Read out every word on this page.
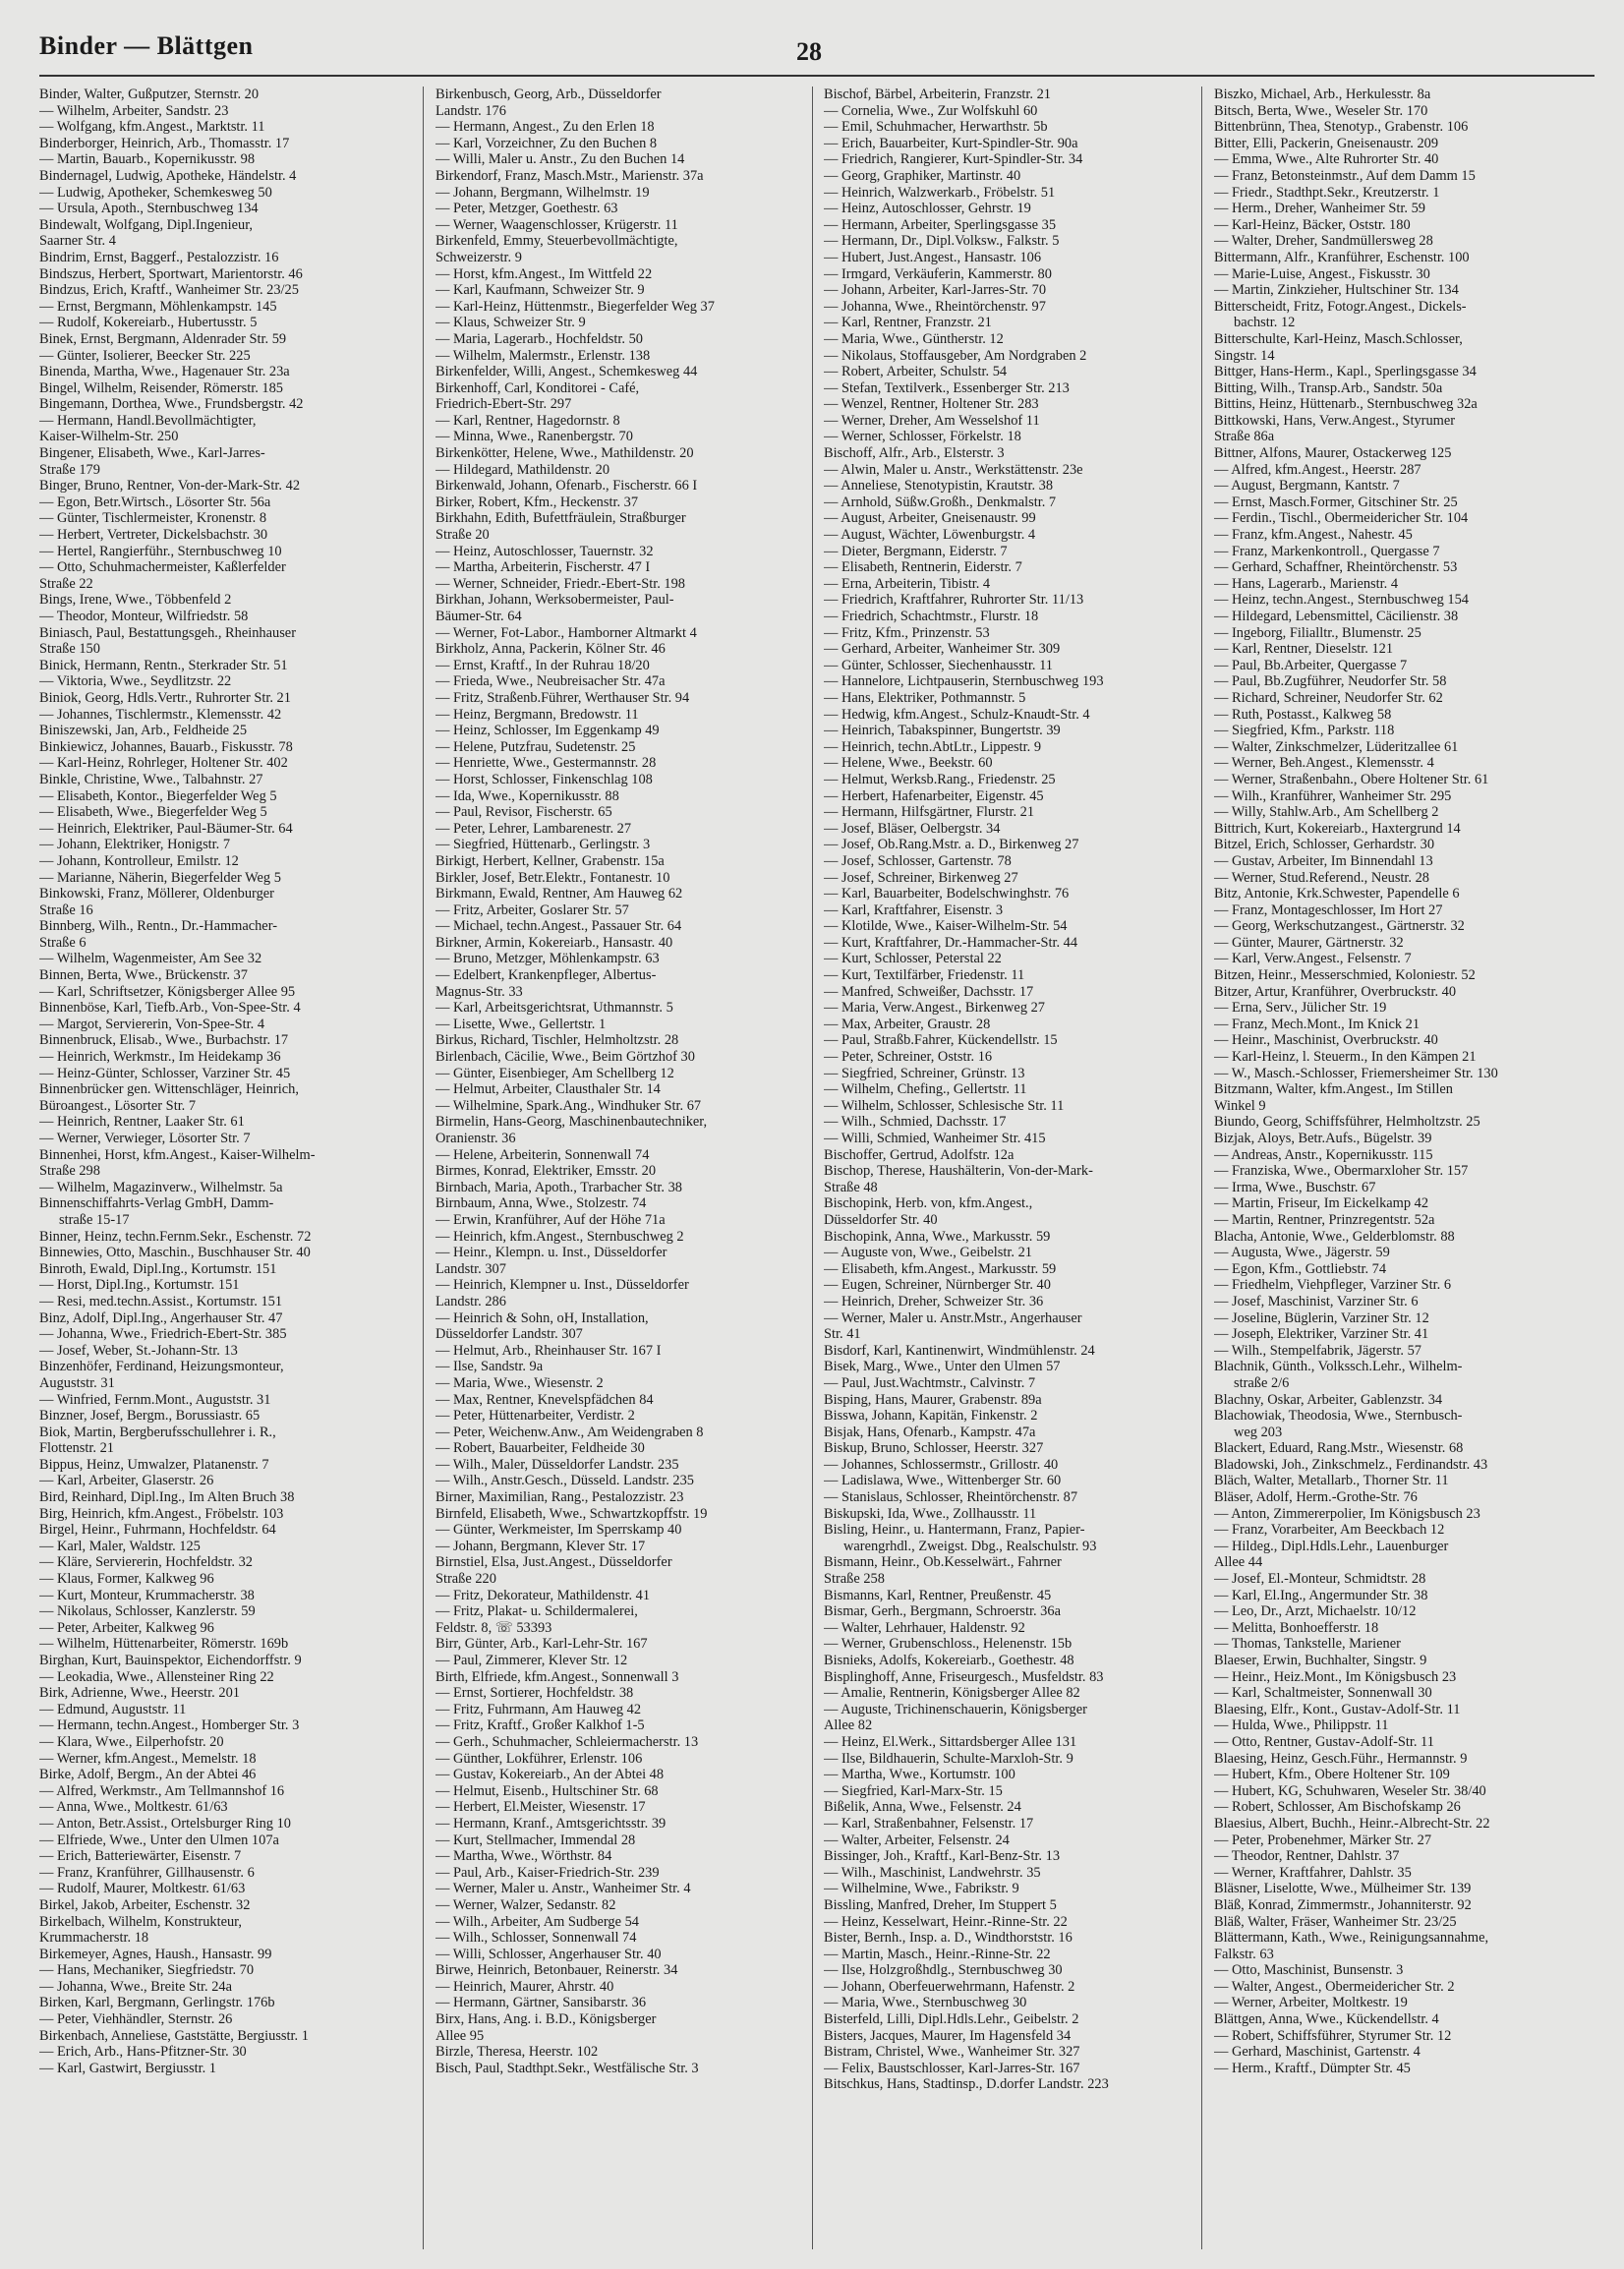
Binder — Blättgen	28
Binder, Walter, Gußputzer, Sternstr. 20
— Wilhelm, Arbeiter, Sandstr. 23
— Wolfgang, kfm.Angest., Marktstr. 11
Binderborger, Heinrich, Arb., Thomasstr. 17
— Martin, Bauarb., Kopernikusstr. 98
Bindernagel, Ludwig, Apotheke, Händelstr. 4
— Ludwig, Apotheker, Schemkesweg 50
— Ursula, Apoth., Sternbuschweg 134
Bindewalt, Wolfgang, Dipl.Ingenieur,
Saarner Str. 4
Bindrim, Ernst, Baggerf., Pestalozzistr. 16
Bindszus, Herbert, Sportwart, Marientorstr. 46
Bindzus, Erich, Kraftf., Wanheimer Str. 23/25
— Ernst, Bergmann, Möhlenkampstr. 145
— Rudolf, Kokereiarb., Hubertusstr. 5
Binek, Ernst, Bergmann, Aldenrader Str. 59
— Günter, Isolierer, Beecker Str. 225
Binenda, Martha, Wwe., Hagenauer Str. 23a
Bingel, Wilhelm, Reisender, Römerstr. 185
Bingemann, Dorthea, Wwe., Frundsbergstr. 42
— Hermann, Handl.Bevollmächtigter,
Kaiser-Wilhelm-Str. 250
Bingener, Elisabeth, Wwe., Karl-Jarres-
Straße 179
Binger, Bruno, Rentner, Von-der-Mark-Str. 42
— Egon, Betr.Wirtsch., Lösorter Str. 56a
— Günter, Tischlermeister, Kronenstr. 8
— Herbert, Vertreter, Dickelsbachstr. 30
— Hertel, Rangierführ., Sternbuschweg 10
— Otto, Schuhmachermeister, Kaßlerfelder
Straße 22
Bings, Irene, Wwe., Többenfeld 2
— Theodor, Monteur, Wilfriedstr. 58
Biniasch, Paul, Bestattungsgeh., Rheinhauser
Straße 150
Binick, Hermann, Rentn., Sterkrader Str. 51
— Viktoria, Wwe., Seydlitzstr. 22
Biniok, Georg, Hdls.Vertr., Ruhrorter Str. 21
— Johannes, Tischlermstr., Klemensstr. 42
Biniszewski, Jan, Arb., Feldheide 25
Binkiewicz, Johannes, Bauarb., Fiskusstr. 78
— Karl-Heinz, Rohrleger, Holtener Str. 402
Binkle, Christine, Wwe., Talbahnstr. 27
— Elisabeth, Kontor., Biegerfelder Weg 5
— Elisabeth, Wwe., Biegerfelder Weg 5
— Heinrich, Elektriker, Paul-Bäumer-Str. 64
— Johann, Elektriker, Honigstr. 7
— Johann, Kontrolleur, Emilstr. 12
— Marianne, Näherin, Biegerfelder Weg 5
Binkowski, Franz, Möllerer, Oldenburger
Straße 16
Binnberg, Wilh., Rentn., Dr.-Hammacher-
Straße 6
— Wilhelm, Wagenmeister, Am See 32
Binnen, Berta, Wwe., Brückenstr. 37
— Karl, Schriftsetzer, Königsberger Allee 95
Binnenböse, Karl, Tiefb.Arb., Von-Spee-Str. 4
— Margot, Serviererin, Von-Spee-Str. 4
Binnenbruck, Elisab., Wwe., Burbachstr. 17
— Heinrich, Werkmstr., Im Heidekamp 36
— Heinz-Günter, Schlosser, Varziner Str. 45
Binnenbrücker gen. Wittenschläger, Heinrich,
Büroangest., Lösorter Str. 7
— Heinrich, Rentner, Laaker Str. 61
— Werner, Verwieger, Lösorter Str. 7
Binnenhei, Horst, kfm.Angest., Kaiser-Wilhelm-
Straße 298
— Wilhelm, Magazinverw., Wilhelmstr. 5a
Binnenschiffahrts-Verlag GmbH, Damm-
straße 15-17
Binner, Heinz, techn.Fernm.Sekr., Eschenstr. 72
Binnewies, Otto, Maschin., Buschhauser Str. 40
Binroth, Ewald, Dipl.Ing., Kortumstr. 151
— Horst, Dipl.Ing., Kortumstr. 151
— Resi, med.techn.Assist., Kortumstr. 151
Binz, Adolf, Dipl.Ing., Angerhauser Str. 47
— Johanna, Wwe., Friedrich-Ebert-Str. 385
— Josef, Weber, St.-Johann-Str. 13
Binzenhöfer, Ferdinand, Heizungsmonteur,
Auguststr. 31
— Winfried, Fernm.Mont., Auguststr. 31
Binzner, Josef, Bergm., Borussiastr. 65
Biok, Martin, Bergberufsschullehrer i. R.,
Flottenstr. 21
Bippus, Heinz, Umwalzer, Platanenstr. 7
— Karl, Arbeiter, Glaserstr. 26
Bird, Reinhard, Dipl.Ing., Im Alten Bruch 38
Birg, Heinrich, kfm.Angest., Fröbelstr. 103
Birgel, Heinr., Fuhrmann, Hochfeldstr. 64
— Karl, Maler, Waldstr. 125
— Kläre, Serviererin, Hochfeldstr. 32
— Klaus, Former, Kalkweg 96
— Kurt, Monteur, Krummacherstr. 38
— Nikolaus, Schlosser, Kanzlerstr. 59
— Peter, Arbeiter, Kalkweg 96
— Wilhelm, Hüttenarbeiter, Römerstr. 169b
Birghan, Kurt, Bauinspektor, Eichendorffstr. 9
— Leokadia, Wwe., Allensteiner Ring 22
Birk, Adrienne, Wwe., Heerstr. 201
— Edmund, Auguststr. 11
— Hermann, techn.Angest., Homberger Str. 3
— Klara, Wwe., Eilperhofstr. 20
— Werner, kfm.Angest., Memelstr. 18
Birke, Adolf, Bergm., An der Abtei 46
— Alfred, Werkmstr., Am Tellmannshof 16
— Anna, Wwe., Moltkestr. 61/63
— Anton, Betr.Assist., Ortelsburger Ring 10
— Elfriede, Wwe., Unter den Ulmen 107a
— Erich, Batteriewärter, Eisenstr. 7
— Franz, Kranführer, Gillhausenstr. 6
— Rudolf, Maurer, Moltkestr. 61/63
Birkel, Jakob, Arbeiter, Eschenstr. 32
Birkelbach, Wilhelm, Konstrukteur,
Krummacherstr. 18
Birkemeyer, Agnes, Haush., Hansastr. 99
— Hans, Mechaniker, Siegfriedstr. 70
— Johanna, Wwe., Breite Str. 24a
Birken, Karl, Bergmann, Gerlingstr. 176b
— Peter, Viehhändler, Sternstr. 26
Birkenbach, Anneliese, Gaststätte, Bergiusstr. 1
— Erich, Arb., Hans-Pfitzner-Str. 30
— Karl, Gastwirt, Bergiusstr. 1
Birkenbusch, Georg, Arb., Düsseldorfer
Landstr. 176
— Hermann, Angest., Zu den Erlen 18
— Karl, Vorzeichner, Zu den Buchen 8
— Willi, Maler u. Anstr., Zu den Buchen 14
Birkendorf, Franz, Masch.Mstr., Marienstr. 37a
— Johann, Bergmann, Wilhelmstr. 19
— Peter, Metzger, Goethestr. 63
— Werner, Waagenschlosser, Krügerstr. 11
Birkenfeld, Emmy, Steuerbevollmächtigte,
Schweizerstr. 9
— Horst, kfm.Angest., Im Wittfeld 22
— Karl, Kaufmann, Schweizer Str. 9
— Karl-Heinz, Hüttenmstr., Biegerfelder Weg 37
— Klaus, Schweizer Str. 9
— Maria, Lagerarb., Hochfeldstr. 50
— Wilhelm, Malermstr., Erlenstr. 138
Birkenfelder, Willi, Angest., Schemkesweg 44
Birkenhoff, Carl, Konditorei - Café,
Friedrich-Ebert-Str. 297
— Karl, Rentner, Hagedornstr. 8
— Minna, Wwe., Ranenbergstr. 70
Birkenkötter, Helene, Wwe., Mathildenstr. 20
— Hildegard, Mathildenstr. 20
Birkenwald, Johann, Ofenarb., Fischerstr. 66 I
Birker, Robert, Kfm., Heckenstr. 37
Birkhahn, Edith, Bufettfräulein, Straßburger
Straße 20
— Heinz, Autoschlosser, Tauernstr. 32
— Martha, Arbeiterin, Fischerstr. 47 I
— Werner, Schneider, Friedr.-Ebert-Str. 198
Birkhan, Johann, Werksobermeister, Paul-
Bäumer-Str. 64
— Werner, Fot-Labor., Hamborner Altmarkt 4
Birkholz, Anna, Packerin, Kölner Str. 46
— Ernst, Kraftf., In der Ruhrau 18/20
— Frieda, Wwe., Neubreisacher Str. 47a
— Fritz, Straßenb.Führer, Werthauser Str. 94
— Heinz, Bergmann, Bredowstr. 11
— Heinz, Schlosser, Im Eggenkamp 49
— Helene, Putzfrau, Sudetenstr. 25
— Henriette, Wwe., Gestermannstr. 28
— Horst, Schlosser, Finkenschlag 108
— Ida, Wwe., Kopernikusstr. 88
— Paul, Revisor, Fischerstr. 65
— Peter, Lehrer, Lambarenestr. 27
— Siegfried, Hüttenarb., Gerlingstr. 3
Birkigt, Herbert, Kellner, Grabenstr. 15a
Birkler, Josef, Betr.Elektr., Fontanestr. 10
Birkmann, Ewald, Rentner, Am Hauweg 62
— Fritz, Arbeiter, Goslarer Str. 57
— Michael, techn.Angest., Passauer Str. 64
Birkner, Armin, Kokereiarb., Hansastr. 40
— Bruno, Metzger, Möhlenkampstr. 63
— Edelbert, Krankenpfleger, Albertus-
Magnus-Str. 33
— Karl, Arbeitsgerichtsrat, Uthmannstr. 5
— Lisette, Wwe., Gellertstr. 1
Birkus, Richard, Tischler, Helmholtzstr. 28
Birlenbach, Cäcilie, Wwe., Beim Görtzhof 30
— Günter, Eisenbieger, Am Schellberg 12
— Helmut, Arbeiter, Clausthaler Str. 14
— Wilhelmine, Spark.Ang., Windhuker Str. 67
Birmelin, Hans-Georg, Maschinenbautechniker,
Oranienstr. 36
— Helene, Arbeiterin, Sonnenwall 74
Birmes, Konrad, Elektriker, Emsstr. 20
Birnbach, Maria, Apoth., Trarbacher Str. 38
Birnbaum, Anna, Wwe., Stolzestr. 74
— Erwin, Kranführer, Auf der Höhe 71a
— Heinrich, kfm.Angest., Sternbuschweg 2
— Heinr., Klempn. u. Inst., Düsseldorfer
Landstr. 307
— Heinrich, Klempner u. Inst., Düsseldorfer
Landstr. 286
— Heinrich & Sohn, oH, Installation,
Düsseldorfer Landstr. 307
— Helmut, Arb., Rheinhauser Str. 167 I
— Ilse, Sandstr. 9a
— Maria, Wwe., Wiesenstr. 2
— Max, Rentner, Knevelspfädchen 84
— Peter, Hüttenarbeiter, Verdistr. 2
— Peter, Weichenw.Anw., Am Weidengraben 8
— Robert, Bauarbeiter, Feldheide 30
— Wilh., Maler, Düsseldorfer Landstr. 235
— Wilh., Anstr.Gesch., Düsseld. Landstr. 235
Birner, Maximilian, Rang., Pestalozzistr. 23
Birnfeld, Elisabeth, Wwe., Schwartzkopffstr. 19
— Günter, Werkmeister, Im Sperrskamp 40
— Johann, Bergmann, Klever Str. 17
Birnstiel, Elsa, Just.Angest., Düsseldorfer
Straße 220
— Fritz, Dekorateur, Mathildenstr. 41
— Fritz, Plakat- u. Schildermalerei,
Feldstr. 8, ☏ 53393
Birr, Günter, Arb., Karl-Lehr-Str. 167
— Paul, Zimmerer, Klever Str. 12
Birth, Elfriede, kfm.Angest., Sonnenwall 3
— Ernst, Sortierer, Hochfeldstr. 38
— Fritz, Fuhrmann, Am Hauweg 42
— Fritz, Kraftf., Großer Kalkhof 1-5
— Gerh., Schuhmacher, Schleiermacherstr. 13
— Günther, Lokführer, Erlenstr. 106
— Gustav, Kokereiarb., An der Abtei 48
— Helmut, Eisenb., Hultschiner Str. 68
— Herbert, El.Meister, Wiesenstr. 17
— Hermann, Kranf., Amtsgerichtsstr. 39
— Kurt, Stellmacher, Immendal 28
— Martha, Wwe., Wörthstr. 84
— Paul, Arb., Kaiser-Friedrich-Str. 239
— Werner, Maler u. Anstr., Wanheimer Str. 4
— Werner, Walzer, Sedanstr. 82
— Wilh., Arbeiter, Am Sudberge 54
— Wilh., Schlosser, Sonnenwall 74
— Willi, Schlosser, Angerhauser Str. 40
Birwe, Heinrich, Betonbauer, Reinerstr. 34
— Heinrich, Maurer, Ahrstr. 40
— Hermann, Gärtner, Sansibarstr. 36
Birx, Hans, Ang. i. B.D., Königsberger
Allee 95
Birzle, Theresa, Heerstr. 102
Bisch, Paul, Stadthpt.Sekr., Westfälische Str. 3
Bischof, Bärbel, Arbeiterin, Franzstr. 21
— Cornelia, Wwe., Zur Wolfskuhl 60
— Emil, Schuhmacher, Herwarthstr. 5b
— Erich, Bauarbeiter, Kurt-Spindler-Str. 90a
— Friedrich, Rangierer, Kurt-Spindler-Str. 34
— Georg, Graphiker, Martinstr. 40
— Heinrich, Walzwerkarb., Fröbelstr. 51
— Heinz, Autoschlosser, Gehrstr. 19
— Hermann, Arbeiter, Sperlingsgasse 35
— Hermann, Dr., Dipl.Volksw., Falkstr. 5
— Hubert, Just.Angest., Hansastr. 106
— Irmgard, Verkäuferin, Kammerstr. 80
— Johann, Arbeiter, Karl-Jarres-Str. 70
— Johanna, Wwe., Rheintörchenstr. 97
— Karl, Rentner, Franzstr. 21
— Maria, Wwe., Güntherstr. 12
— Nikolaus, Stoffausgeber, Am Nordgraben 2
— Robert, Arbeiter, Schulstr. 54
— Stefan, Textilverk., Essenberger Str. 213
— Wenzel, Rentner, Holtener Str. 283
— Werner, Dreher, Am Wesselshof 11
— Werner, Schlosser, Förkelstr. 18
Bischoff, Alfr., Arb., Elsterstr. 3
— Alwin, Maler u. Anstr., Werkstättenstr. 23e
— Anneliese, Stenotypistin, Krautstr. 38
— Arnhold, Süßw.Großh., Denkmalstr. 7
— August, Arbeiter, Gneisenaustr. 99
— August, Wächter, Löwenburgstr. 4
— Dieter, Bergmann, Eiderstr. 7
— Elisabeth, Rentnerin, Eiderstr. 7
— Erna, Arbeiterin, Tibistr. 4
— Friedrich, Kraftfahrer, Ruhrorter Str. 11/13
— Friedrich, Schachtmstr., Flurstr. 18
— Fritz, Kfm., Prinzenstr. 53
— Gerhard, Arbeiter, Wanheimer Str. 309
— Günter, Schlosser, Siechenhausstr. 11
— Hannelore, Lichtpauserin, Sternbuschweg 193
— Hans, Elektriker, Pothmannstr. 5
— Hedwig, kfm.Angest., Schulz-Knaudt-Str. 4
— Heinrich, Tabakspinner, Bungertstr. 39
— Heinrich, techn.AbtLtr., Lippestr. 9
— Helene, Wwe., Beekstr. 60
— Helmut, Werksb.Rang., Friedenstr. 25
— Herbert, Hafenarbeiter, Eigenstr. 45
— Hermann, Hilfsgärtner, Flurstr. 21
— Josef, Bläser, Oelbergstr. 34
— Josef, Ob.Rang.Mstr. a. D., Birkenweg 27
— Josef, Schlosser, Gartenstr. 78
— Josef, Schreiner, Birkenweg 27
— Karl, Bauarbeiter, Bodelschwinghstr. 76
— Karl, Kraftfahrer, Eisenstr. 3
— Klotilde, Wwe., Kaiser-Wilhelm-Str. 54
— Kurt, Kraftfahrer, Dr.-Hammacher-Str. 44
— Kurt, Schlosser, Peterstal 22
— Kurt, Textilfärber, Friedenstr. 11
— Manfred, Schweißer, Dachsstr. 17
— Maria, Verw.Angest., Birkenweg 27
— Max, Arbeiter, Graustr. 28
— Paul, Straßb.Fahrer, Kückendellstr. 15
— Peter, Schreiner, Oststr. 16
— Siegfried, Schreiner, Grünstr. 13
— Wilhelm, Chefing., Gellertstr. 11
— Wilhelm, Schlosser, Schlesische Str. 11
— Wilh., Schmied, Dachsstr. 17
— Willi, Schmied, Wanheimer Str. 415
Bischoffer, Gertrud, Adolfstr. 12a
Bischop, Therese, Haushälterin, Von-der-Mark-
Straße 48
Bischopink, Herb. von, kfm.Angest.,
Düsseldorfer Str. 40
Bischopink, Anna, Wwe., Markusstr. 59
— Auguste von, Wwe., Geibelstr. 21
— Elisabeth, kfm.Angest., Markusstr. 59
— Eugen, Schreiner, Nürnberger Str. 40
— Heinrich, Dreher, Schweizer Str. 36
— Werner, Maler u. Anstr.Mstr., Angerhauser
Str. 41
Bisdorf, Karl, Kantinenwirt, Windmühlenstr. 24
Bisek, Marg., Wwe., Unter den Ulmen 57
— Paul, Just.Wachtmstr., Calvinstr. 7
Bisping, Hans, Maurer, Grabenstr. 89a
Bisswa, Johann, Kapitän, Finkenstr. 2
Bisjak, Hans, Ofenarb., Kampstr. 47a
Biskup, Bruno, Schlosser, Heerstr. 327
— Johannes, Schlossermstr., Grillostr. 40
— Ladislawa, Wwe., Wittenberger Str. 60
— Stanislaus, Schlosser, Rheintörchenstr. 87
Biskupski, Ida, Wwe., Zollhausstr. 11
Bisling, Heinr., u. Hantermann, Franz, Papier-
warengrhdl., Zweigst. Dbg., Realschulstr. 93
Bismann, Heinr., Ob.Kesselwärt., Fahrner
Straße 258
Bismanns, Karl, Rentner, Preußenstr. 45
Bismar, Gerh., Bergmann, Schroerstr. 36a
— Walter, Lehrhauer, Haldenstr. 92
— Werner, Grubenschloss., Helenenstr. 15b
Bisnieks, Adolfs, Kokereiarb., Goethestr. 48
Bisplinghoff, Anne, Friseurgesch., Musfeldstr. 83
— Amalie, Rentnerin, Königsberger Allee 82
— Auguste, Trichinenschauerin, Königsberger
Allee 82
— Heinz, El.Werk., Sittardsberger Allee 131
— Ilse, Bildhauerin, Schulte-Marxloh-Str. 9
— Martha, Wwe., Kortumstr. 100
— Siegfried, Karl-Marx-Str. 15
Bißelik, Anna, Wwe., Felsenstr. 24
— Karl, Straßenbahner, Felsenstr. 17
— Walter, Arbeiter, Felsenstr. 24
Bissinger, Joh., Kraftf., Karl-Benz-Str. 13
— Wilh., Maschinist, Landwehrstr. 35
— Wilhelmine, Wwe., Fabrikstr. 9
Bissling, Manfred, Dreher, Im Stuppert 5
— Heinz, Kesselwart, Heinr.-Rinne-Str. 22
Bister, Bernh., Insp. a. D., Windthorststr. 16
— Martin, Masch., Heinr.-Rinne-Str. 22
— Ilse, Holzgroßhdlg., Sternbuschweg 30
— Johann, Oberfeuerwehrmann, Hafenstr. 2
— Maria, Wwe., Sternbuschweg 30
Bisterfeld, Lilli, Dipl.Hdls.Lehr., Geibelstr. 2
Bisters, Jacques, Maurer, Im Hagensfeld 34
Bistram, Christel, Wwe., Wanheimer Str. 327
— Felix, Baustschlosser, Karl-Jarres-Str. 167
Bitschkus, Hans, Stadtinsp., D.dorfer Landstr. 223
Biszko, Michael, Arb., Herkulesstr. 8a
Bitsch, Berta, Wwe., Weseler Str. 170
Bittenbrünn, Thea, Stenotyp., Grabenstr. 106
Bitter, Elli, Packerin, Gneisenaustr. 209
— Emma, Wwe., Alte Ruhrorter Str. 40
— Franz, Betonsteinmstr., Auf dem Damm 15
— Friedr., Stadthpt.Sekr., Kreutzerstr. 1
— Herm., Dreher, Wanheimer Str. 59
— Karl-Heinz, Bäcker, Oststr. 180
— Walter, Dreher, Sandmüllersweg 28
Bittermann, Alfr., Kranführer, Eschenstr. 100
— Marie-Luise, Angest., Fiskusstr. 30
— Martin, Zinkzieher, Hultschiner Str. 134
Bitterscheidt, Fritz, Fotogr.Angest., Dickels-
bachstr. 12
Bitterschulte, Karl-Heinz, Masch.Schlosser,
Singstr. 14
Bittger, Hans-Herm., Kapl., Sperlingsgasse 34
Bitting, Wilh., Transp.Arb., Sandstr. 50a
Bittins, Heinz, Hüttenarb., Sternbuschweg 32a
Bittkowski, Hans, Verw.Angest., Styrumer
Straße 86a
Bittner, Alfons, Maurer, Ostackerweg 125
— Alfred, kfm.Angest., Heerstr. 287
— August, Bergmann, Kantstr. 7
— Ernst, Masch.Former, Gitschiner Str. 25
— Ferdin., Tischl., Obermeidericher Str. 104
— Franz, kfm.Angest., Nahestr. 45
— Franz, Markenkontroll., Quergasse 7
— Gerhard, Schaffner, Rheintörchenstr. 53
— Hans, Lagerarb., Marienstr. 4
— Heinz, techn.Angest., Sternbuschweg 154
— Hildegard, Lebensmittel, Cäcilienstr. 38
— Ingeborg, Filialltr., Blumenstr. 25
— Karl, Rentner, Dieselstr. 121
— Paul, Bb.Arbeiter, Quergasse 7
— Paul, Bb.Zugführer, Neudorfer Str. 58
— Richard, Schreiner, Neudorfer Str. 62
— Ruth, Postasst., Kalkweg 58
— Siegfried, Kfm., Parkstr. 118
— Walter, Zinkschmelzer, Lüderitzallee 61
— Werner, Beh.Angest., Klemensstr. 4
— Werner, Straßenbahn., Obere Holtener Str. 61
— Wilh., Kranführer, Wanheimer Str. 295
— Willy, Stahlw.Arb., Am Schellberg 2
Bittrich, Kurt, Kokereiarb., Haxtergrund 14
Bitzel, Erich, Schlosser, Gerhardstr. 30
— Gustav, Arbeiter, Im Binnendahl 13
— Werner, Stud.Referend., Neustr. 28
Bitz, Antonie, Krk.Schwester, Papendelle 6
— Franz, Montageschlosser, Im Hort 27
— Georg, Werkschutzangest., Gärtnerstr. 32
— Günter, Maurer, Gärtnerstr. 32
— Karl, Verw.Angest., Felsenstr. 7
Bitzen, Heinr., Messerschmied, Koloniestr. 52
Bitzer, Artur, Kranführer, Overbruckstr. 40
— Erna, Serv., Jülicher Str. 19
— Franz, Mech.Mont., Im Knick 21
— Heinr., Maschinist, Overbruckstr. 40
— Karl-Heinz, l. Steuerm., In den Kämpen 21
— W., Masch.-Schlosser, Friemersheimer Str. 130
Bitzmann, Walter, kfm.Angest., Im Stillen
Winkel 9
Biundo, Georg, Schiffsführer, Helmholtzstr. 25
Bizjak, Aloys, Betr.Aufs., Bügelstr. 39
— Andreas, Anstr., Kopernikusstr. 115
— Franziska, Wwe., Obermarxloher Str. 157
— Irma, Wwe., Buschstr. 67
— Martin, Friseur, Im Eickelkamp 42
— Martin, Rentner, Prinzregentstr. 52a
Blacha, Antonie, Wwe., Gelderblomstr. 88
— Augusta, Wwe., Jägerstr. 59
— Egon, Kfm., Gottliebstr. 74
— Friedhelm, Viehpfleger, Varziner Str. 6
— Josef, Maschinist, Varziner Str. 6
— Joseline, Büglerin, Varziner Str. 12
— Joseph, Elektriker, Varziner Str. 41
— Wilh., Stempelfabrik, Jägerstr. 57
Blachnik, Günth., Volkssch.Lehr., Wilhelm-
straße 2/6
Blachny, Oskar, Arbeiter, Gablenzstr. 34
Blachowiak, Theodosia, Wwe., Sternbusch-
weg 203
Blackert, Eduard, Rang.Mstr., Wiesenstr. 68
Bladowski, Joh., Zinkschmelz., Ferdinandstr. 43
Bläch, Walter, Metallarb., Thorner Str. 11
Bläser, Adolf, Herm.-Grothe-Str. 76
— Anton, Zimmererpolier, Im Königsbusch 23
— Franz, Vorarbeiter, Am Beeckbach 12
— Hildeg., Dipl.Hdls.Lehr., Lauenburger
Allee 44
— Josef, El.-Monteur, Schmidtstr. 28
— Karl, El.Ing., Angermunder Str. 38
— Leo, Dr., Arzt, Michaelstr. 10/12
— Melitta, Bonhoefferstr. 18
— Thomas, Tankstelle, Mariener
Blaeser, Erwin, Buchhalter, Singstr. 9
— Heinr., Heiz.Mont., Im Königsbusch 23
— Karl, Schaltmeister, Sonnenwall 30
Blaesing, Elfr., Kont., Gustav-Adolf-Str. 11
— Hulda, Wwe., Philippstr. 11
— Otto, Rentner, Gustav-Adolf-Str. 11
Blaesing, Heinz, Gesch.Führ., Hermannstr. 9
— Hubert, Kfm., Obere Holtener Str. 109
— Hubert, KG, Schuhwaren, Weseler Str. 38/40
— Robert, Schlosser, Am Bischofskamp 26
Blaesius, Albert, Buchh., Heinr.-Albrecht-Str. 22
— Peter, Probenehmer, Märker Str. 27
— Theodor, Rentner, Dahlstr. 37
— Werner, Kraftfahrer, Dahlstr. 35
Bläsner, Liselotte, Wwe., Mülheimer Str. 139
Bläß, Konrad, Zimmermstr., Johanniterstr. 92
Bläß, Walter, Fräser, Wanheimer Str. 23/25
Blättermann, Kath., Wwe., Reinigungsannahme,
Falkstr. 63
— Otto, Maschinist, Bunsenstr. 3
— Walter, Angest., Obermeidericher Str. 2
— Werner, Arbeiter, Moltkestr. 19
Blättgen, Anna, Wwe., Kückendellstr. 4
— Robert, Schiffsführer, Styrumer Str. 12
— Gerhard, Maschinist, Gartenstr. 4
— Herm., Kraftf., Dümpter Str. 45
